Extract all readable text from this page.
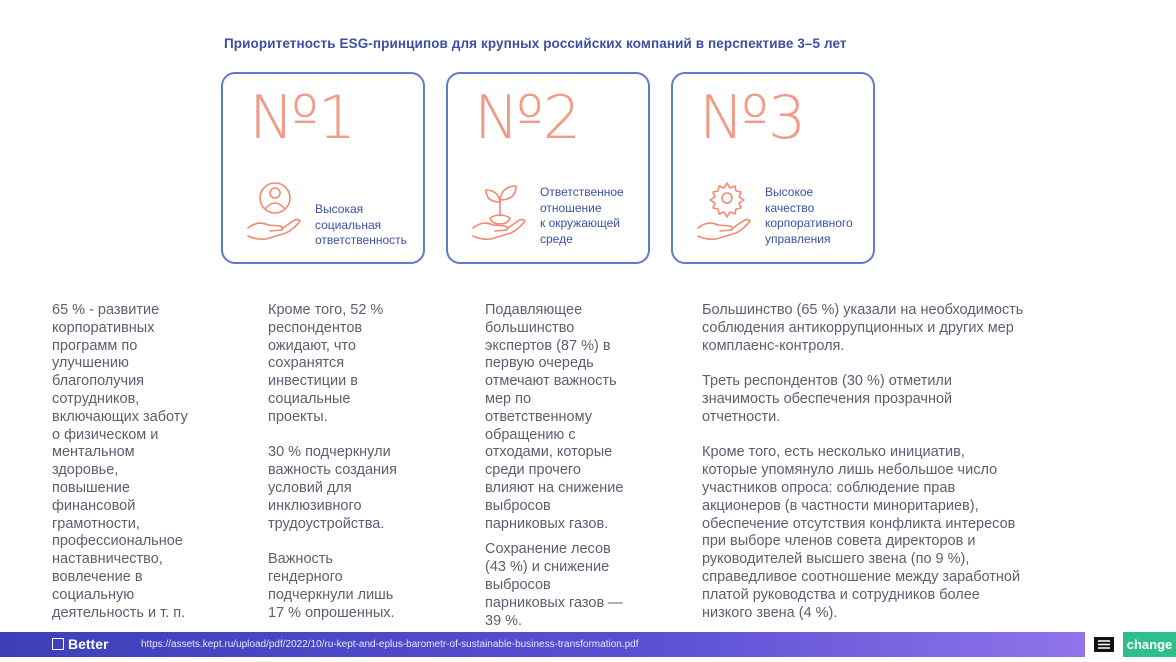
Приоритетность ESG-принципов для крупных российских компаний в перспективе 3–5 лет
№1
Высокая
социальная
ответственность
№2
Ответственное
отношение
к окружающей
среде
№3
Высокое
качество
корпоративного
управления

65 % - развитие
корпоративных
программ по
улучшению
благополучия
сотрудников,
включающих заботу
о физическом и
ментальном
здоровье,
повышение
финансовой
грамотности,
профессиональное
наставничество,
вовлечение в
социальную
деятельность и т. п.

Кроме того, 52 %
респондентов
ожидают, что
сохранятся
инвестиции в
социальные
проекты.

30 % подчеркнули
важность создания
условий для
инклюзивного
трудоустройства.

Важность
гендерного
подчеркнули лишь
17 % опрошенных.

Подавляющее
большинство
экспертов (87 %) в
первую очередь
отмечают важность
мер по
ответственному
обращению с
отходами, которые
среди прочего
влияют на снижение
выбросов
парниковых газов.

Сохранение лесов
(43 %) и снижение
выбросов
парниковых газов —
39 %.

Большинство (65 %) указали на необходимость
соблюдения антикоррупционных и других мер
комплаенс-контроля.

Треть респондентов (30 %) отметили
значимость обеспечения прозрачной
отчетности.

Кроме того, есть несколько инициатив,
которые упомянуло лишь небольшое число
участников опроса: соблюдение прав
акционеров (в частности миноритариев),
обеспечение отсутствия конфликта интересов
при выборе членов совета директоров и
руководителей высшего звена (по 9 %),
справедливое соотношение между заработной
платой руководства и сотрудников более
низкого звена (4 %).

Better	https://assets.kept.ru/upload/pdf/2022/10/ru-kept-and-eplus-barometr-of-sustainable-business-transformation.pdf	change
